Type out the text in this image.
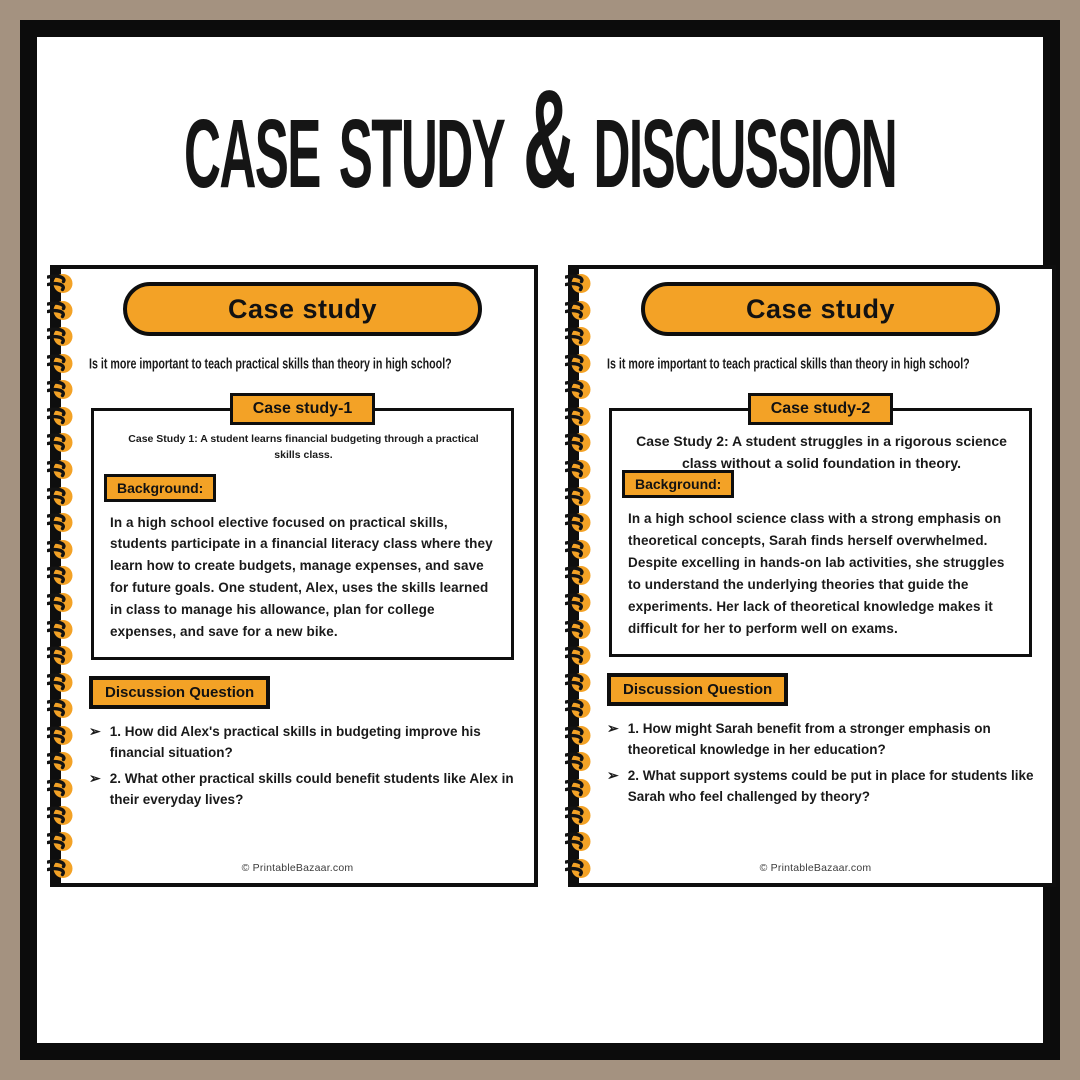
case study & discussion
Case study
Is it more important to teach practical skills than theory in high school?
Case study-1
Case Study 1: A student learns financial budgeting through a practical skills class.
Background:
In a high school elective focused on practical skills, students participate in a financial literacy class where they learn how to create budgets, manage expenses, and save for future goals. One student, Alex, uses the skills learned in class to manage his allowance, plan for college expenses, and save for a new bike.
Discussion Question
➢ 1. How did Alex's practical skills in budgeting improve his financial situation?
➢ 2. What other practical skills could benefit students like Alex in their everyday lives?
© PrintableBazaar.com
Case study
Is it more important to teach practical skills than theory in high school?
Case study-2
Case Study 2: A student struggles in a rigorous science class without a solid foundation in theory.
Background:
In a high school science class with a strong emphasis on theoretical concepts, Sarah finds herself overwhelmed. Despite excelling in hands-on lab activities, she struggles to understand the underlying theories that guide the experiments. Her lack of theoretical knowledge makes it difficult for her to perform well on exams.
Discussion Question
➢ 1. How might Sarah benefit from a stronger emphasis on theoretical knowledge in her education?
➢ 2. What support systems could be put in place for students like Sarah who feel challenged by theory?
© PrintableBazaar.com
